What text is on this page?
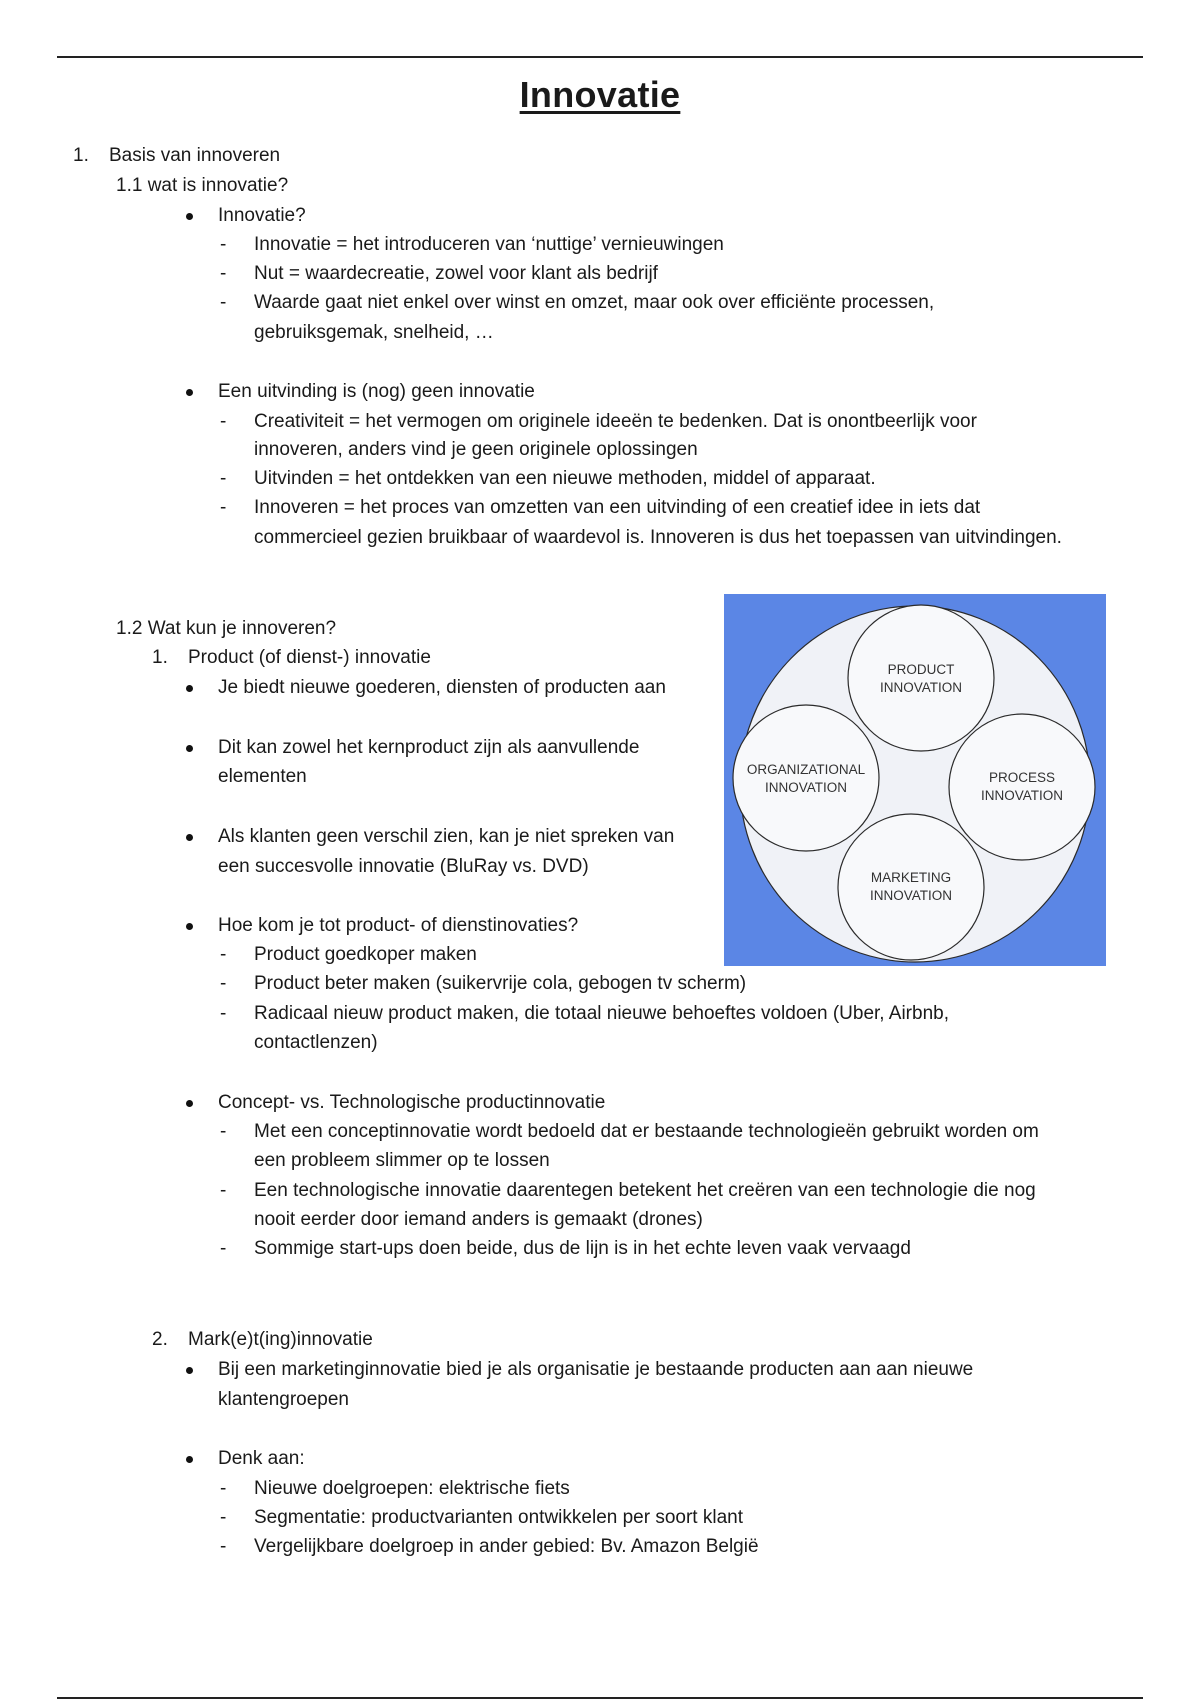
Innovatie
1. Basis van innoveren
1.1 wat is innovatie?
Innovatie?
- Innovatie = het introduceren van ‘nuttige’ vernieuwingen
- Nut = waardecreatie, zowel voor klant als bedrijf
- Waarde gaat niet enkel over winst en omzet, maar ook over efficiënte processen,
gebruiksgemak, snelheid, …
Een uitvinding is (nog) geen innovatie
- Creativiteit = het vermogen om originele ideeën te bedenken. Dat is onontbeerlijk voor
innoveren, anders vind je geen originele oplossingen
- Uitvinden = het ontdekken van een nieuwe methoden, middel of apparaat.
- Innoveren = het proces van omzetten van een uitvinding of een creatief idee in iets dat
commercieel gezien bruikbaar of waardevol is. Innoveren is dus het toepassen van uitvindingen.
1.2 Wat kun je innoveren?
1. Product (of dienst-) innovatie
Je biedt nieuwe goederen, diensten of producten aan
Dit kan zowel het kernproduct zijn als aanvullende
elementen
Als klanten geen verschil zien, kan je niet spreken van
een succesvolle innovatie (BluRay vs. DVD)
Hoe kom je tot product- of dienstinovaties?
- Product goedkoper maken
- Product beter maken (suikervrije cola, gebogen tv scherm)
- Radicaal nieuw product maken, die totaal nieuwe behoeftes voldoen (Uber, Airbnb,
contactlenzen)
Concept- vs. Technologische productinnovatie
- Met een conceptinnovatie wordt bedoeld dat er bestaande technologieën gebruikt worden om
een probleem slimmer op te lossen
- Een technologische innovatie daarentegen betekent het creëren van een technologie die nog
nooit eerder door iemand anders is gemaakt (drones)
- Sommige start-ups doen beide, dus de lijn is in het echte leven vaak vervaagd
2. Mark(e)t(ing)innovatie
Bij een marketinginnovatie bied je als organisatie je bestaande producten aan aan nieuwe
klantengroepen
Denk aan:
- Nieuwe doelgroepen: elektrische fiets
- Segmentatie: productvarianten ontwikkelen per soort klant
- Vergelijkbare doelgroep in ander gebied: Bv. Amazon België
PRODUCT
INNOVATION
ORGANIZATIONAL
INNOVATION
PROCESS
INNOVATION
MARKETING
INNOVATION
